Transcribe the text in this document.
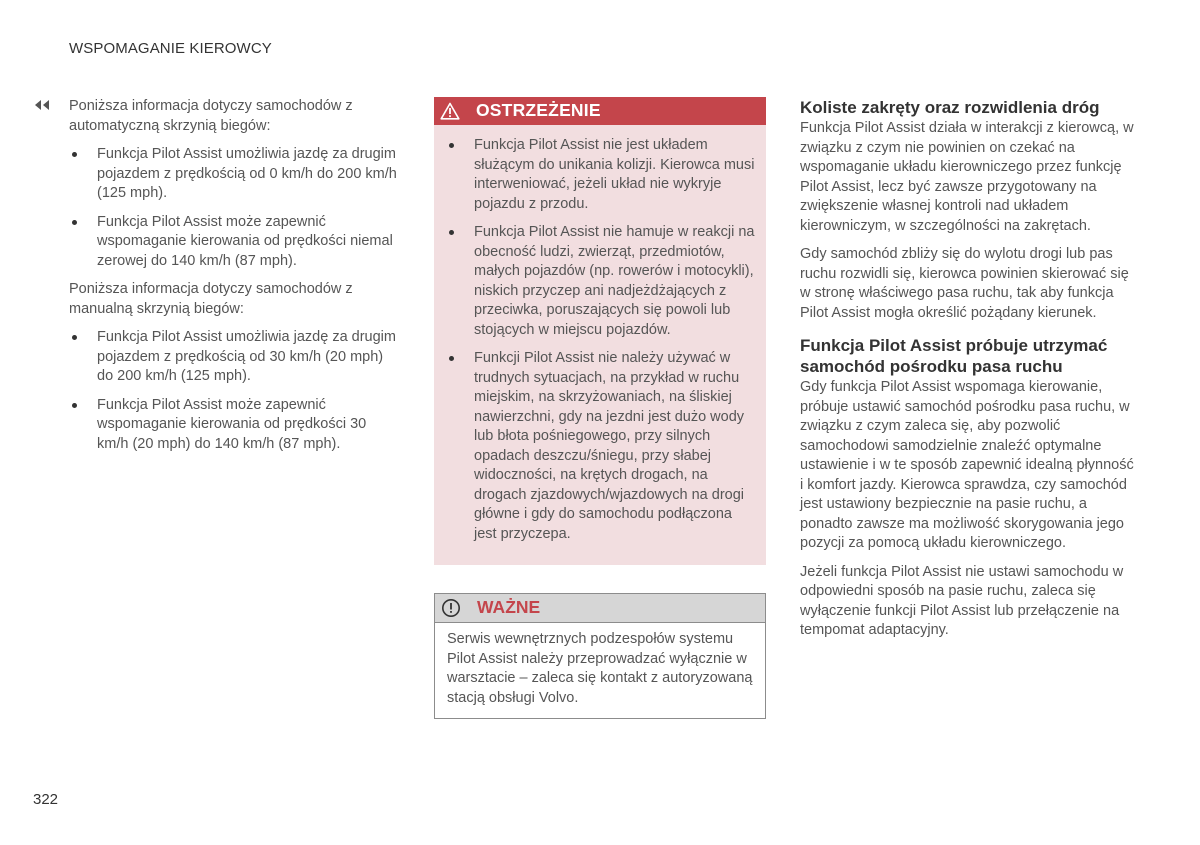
WSPOMAGANIE KIEROWCY

Poniższa informacja dotyczy samochodów z automatyczną skrzynią biegów:

Funkcja Pilot Assist umożliwia jazdę za drugim pojazdem z prędkością od 0 km/h do 200 km/h (125 mph).
Funkcja Pilot Assist może zapewnić wspomaganie kierowania od prędkości niemal zerowej do 140 km/h (87 mph).

Poniższa informacja dotyczy samochodów z manualną skrzynią biegów:

Funkcja Pilot Assist umożliwia jazdę za drugim pojazdem z prędkością od 30 km/h (20 mph) do 200 km/h (125 mph).
Funkcja Pilot Assist może zapewnić wspomaganie kierowania od prędkości 30 km/h (20 mph) do 140 km/h (87 mph).
OSTRZEŻENIE
Funkcja Pilot Assist nie jest układem służącym do unikania kolizji. Kierowca musi interweniować, jeżeli układ nie wykryje pojazdu z przodu.
Funkcja Pilot Assist nie hamuje w reakcji na obecność ludzi, zwierząt, przedmiotów, małych pojazdów (np. rowerów i motocykli), niskich przyczep ani nadjeżdżających z przeciwka, poruszających się powoli lub stojących w miejscu pojazdów.
Funkcji Pilot Assist nie należy używać w trudnych sytuacjach, na przykład w ruchu miejskim, na skrzyżowaniach, na śliskiej nawierzchni, gdy na jezdni jest dużo wody lub błota pośniegowego, przy silnych opadach deszczu/śniegu, przy słabej widoczności, na krętych drogach, na drogach zjazdowych/wjazdowych na drogi główne i gdy do samochodu podłączona jest przyczepa.
WAŻNE
Serwis wewnętrznych podzespołów systemu Pilot Assist należy przeprowadzać wyłącznie w warsztacie – zaleca się kontakt z autoryzowaną stacją obsługi Volvo.
Koliste zakręty oraz rozwidlenia dróg

Funkcja Pilot Assist działa w interakcji z kierowcą, w związku z czym nie powinien on czekać na wspomaganie układu kierowniczego przez funkcję Pilot Assist, lecz być zawsze przygotowany na zwiększenie własnej kontroli nad układem kierowniczym, w szczególności na zakrętach.

Gdy samochód zbliży się do wylotu drogi lub pas ruchu rozwidli się, kierowca powinien skierować się w stronę właściwego pasa ruchu, tak aby funkcja Pilot Assist mogła określić pożądany kierunek.

Funkcja Pilot Assist próbuje utrzymać samochód pośrodku pasa ruchu

Gdy funkcja Pilot Assist wspomaga kierowanie, próbuje ustawić samochód pośrodku pasa ruchu, w związku z czym zaleca się, aby pozwolić samochodowi samodzielnie znaleźć optymalne ustawienie i w te sposób zapewnić idealną płynność i komfort jazdy. Kierowca sprawdza, czy samochód jest ustawiony bezpiecznie na pasie ruchu, a ponadto zawsze ma możliwość skorygowania jego pozycji za pomocą układu kierowniczego.

Jeżeli funkcja Pilot Assist nie ustawi samochodu w odpowiedni sposób na pasie ruchu, zaleca się wyłączenie funkcji Pilot Assist lub przełączenie na tempomat adaptacyjny.

322
